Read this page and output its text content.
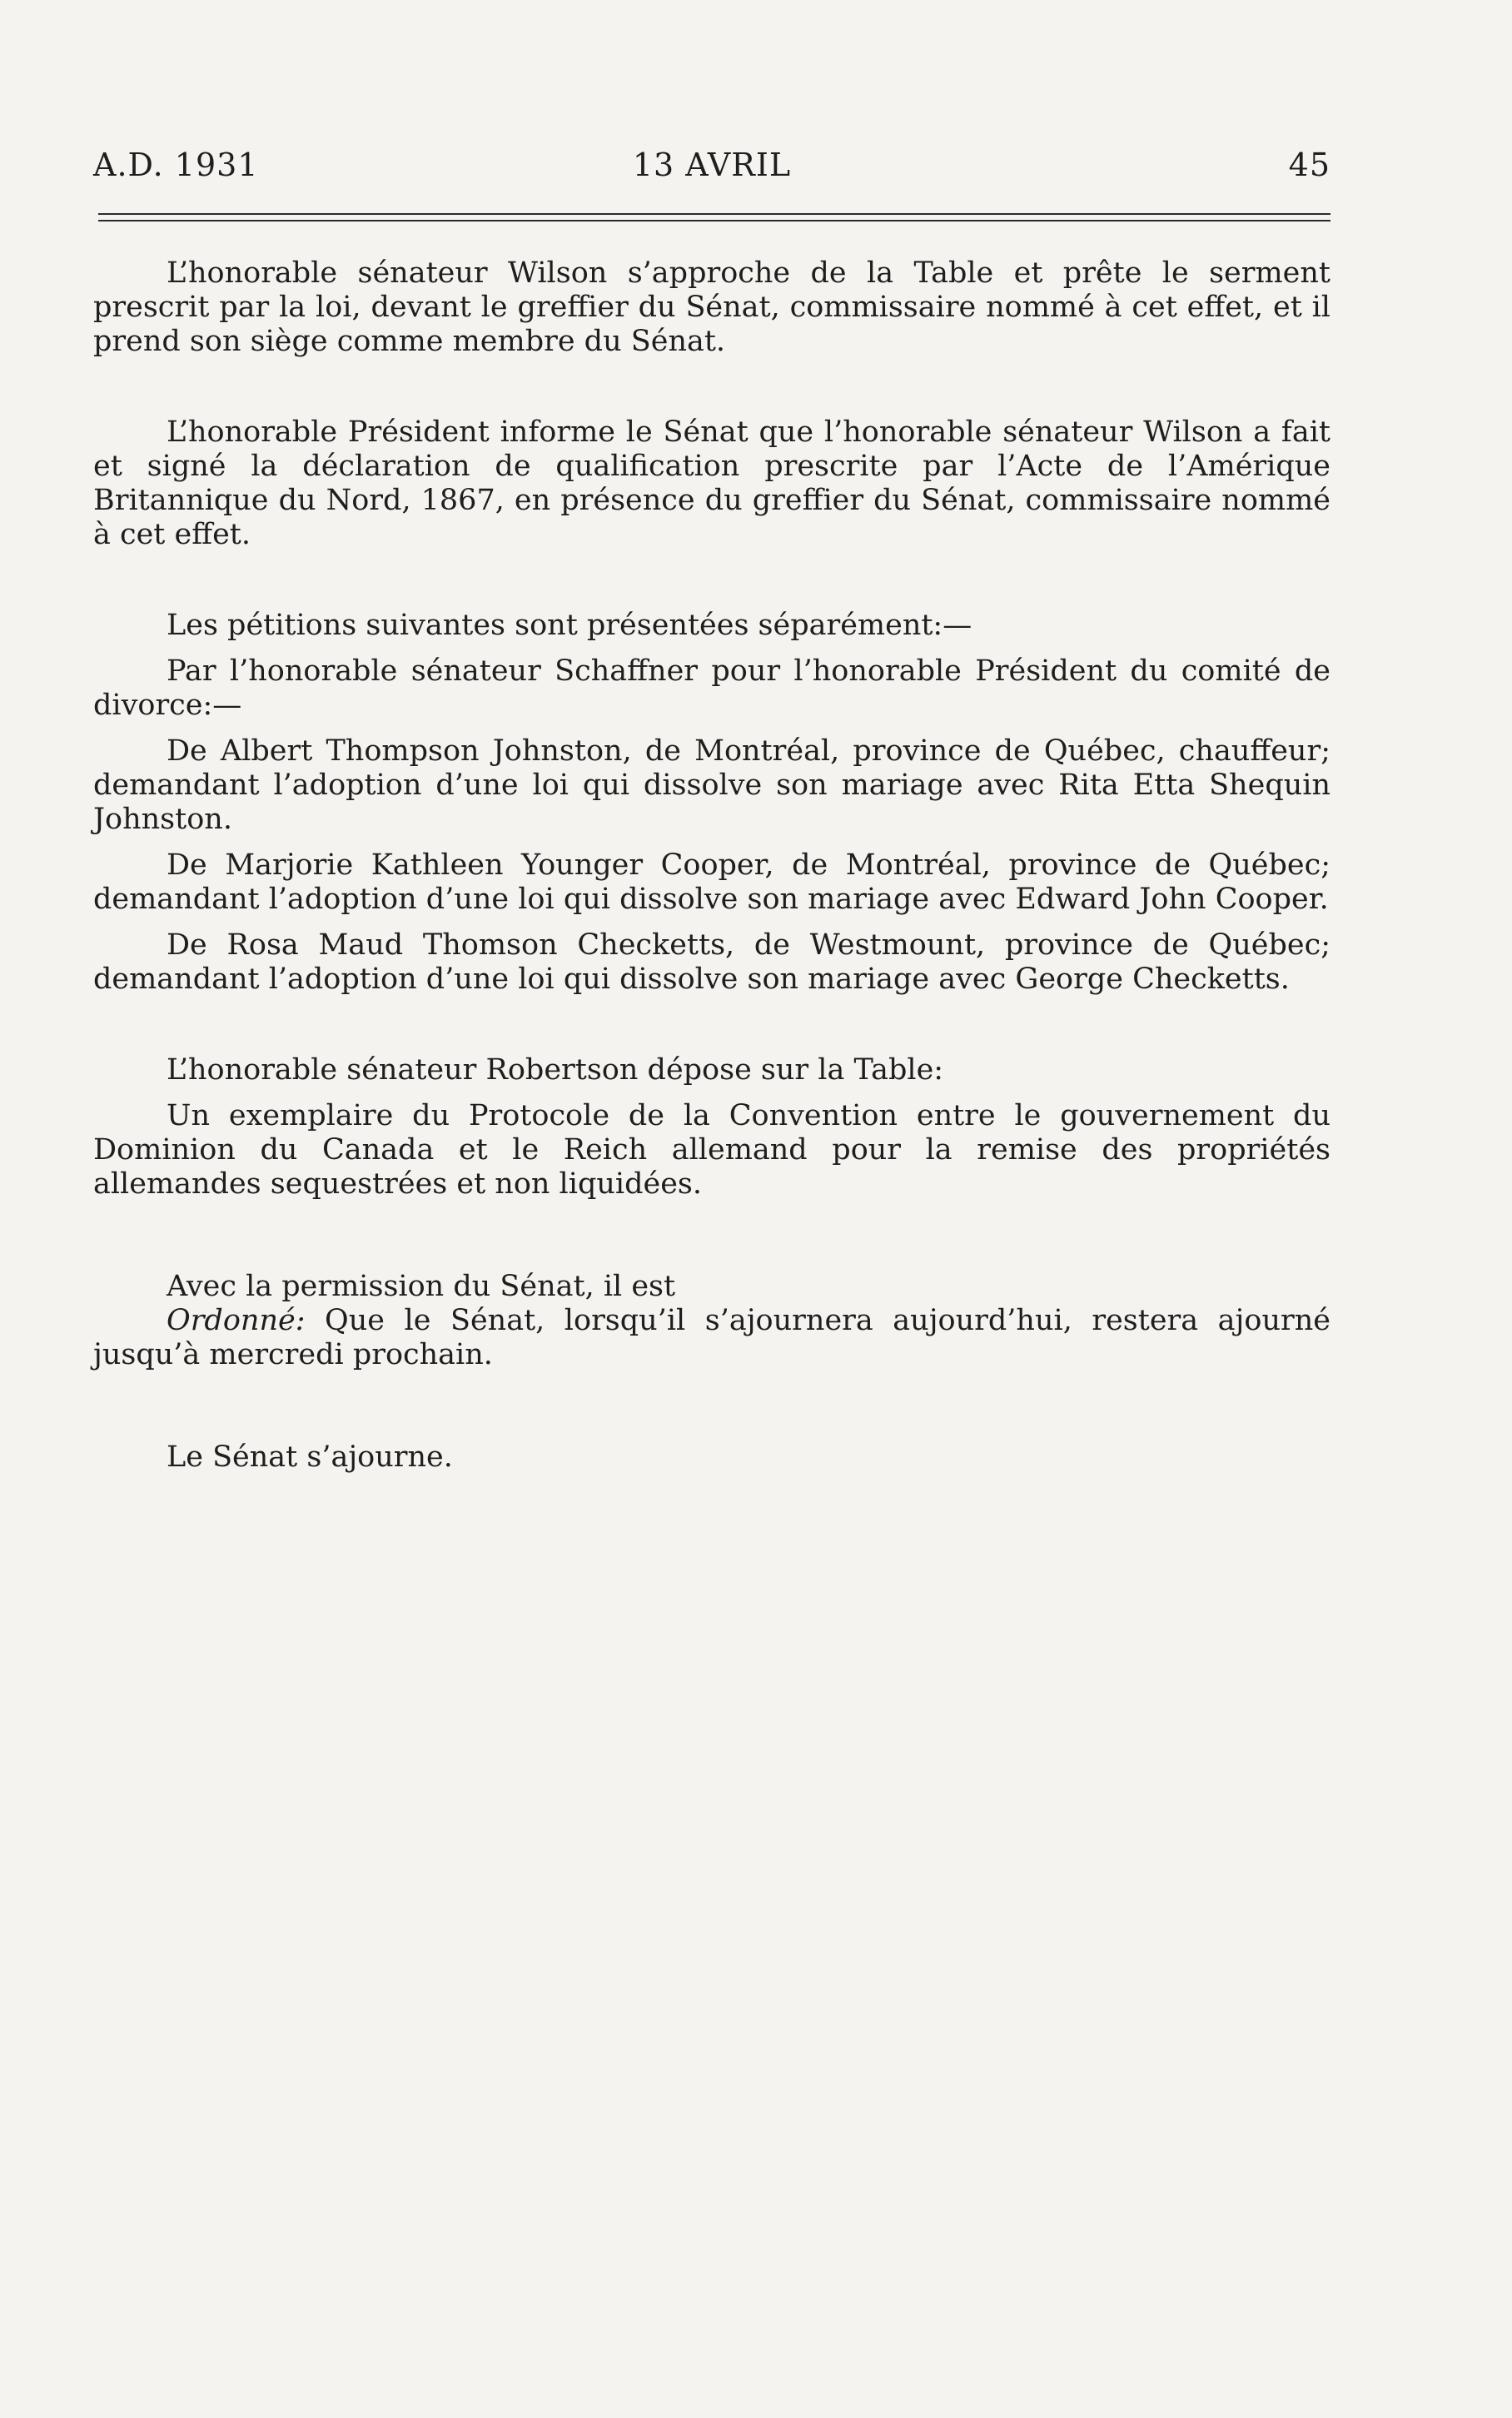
A.D. 1931	13 AVRIL	45

L’honorable sénateur Wilson s’approche de la Table et prête le serment prescrit par la loi, devant le greffier du Sénat, commissaire nommé à cet effet, et il prend son siège comme membre du Sénat.

L’honorable Président informe le Sénat que l’honorable sénateur Wilson a fait et signé la déclaration de qualification prescrite par l’Acte de l’Amérique Britannique du Nord, 1867, en présence du greffier du Sénat, commissaire nommé à cet effet.

Les pétitions suivantes sont présentées séparément:—

Par l’honorable sénateur Schaffner pour l’honorable Président du comité de divorce:—

De Albert Thompson Johnston, de Montréal, province de Québec, chauffeur; demandant l’adoption d’une loi qui dissolve son mariage avec Rita Etta Shequin Johnston.

De Marjorie Kathleen Younger Cooper, de Montréal, province de Québec; demandant l’adoption d’une loi qui dissolve son mariage avec Edward John Cooper.

De Rosa Maud Thomson Checketts, de Westmount, province de Québec; demandant l’adoption d’une loi qui dissolve son mariage avec George Checketts.

L’honorable sénateur Robertson dépose sur la Table:

Un exemplaire du Protocole de la Convention entre le gouvernement du Dominion du Canada et le Reich allemand pour la remise des propriétés allemandes sequestrées et non liquidées.

Avec la permission du Sénat, il est

Ordonné: Que le Sénat, lorsqu’il s’ajournera aujourd’hui, restera ajourné jusqu’à mercredi prochain.

Le Sénat s’ajourne.
